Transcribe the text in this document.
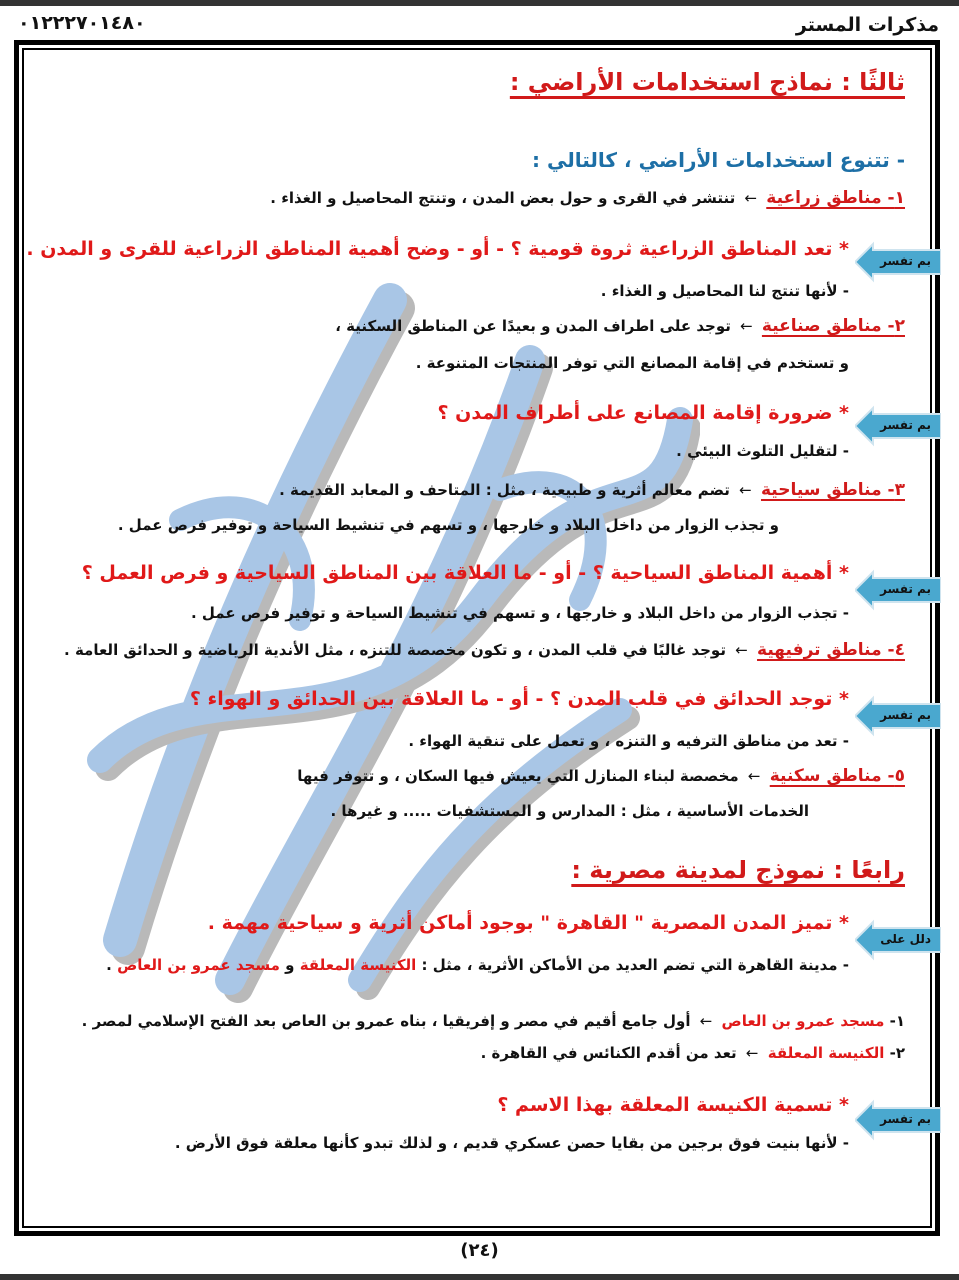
مذكرات المستر
٠١٢٢٢٧٠١٤٨٠
ثالثًا : نماذج استخدامات الأراضي :
- تتنوع استخدامات الأراضي ، كالتالي :
١- مناطق زراعية ← تنتشر في القرى و حول بعض المدن ، وتنتج المحاصيل و الغذاء .
بم تفسر
* تعد المناطق الزراعية ثروة قومية ؟ - أو - وضح أهمية المناطق الزراعية للقرى و المدن .
- لأنها تنتج لنا المحاصيل و الغذاء .
٢- مناطق صناعية ← توجد على اطراف المدن و بعيدًا عن المناطق السكنية ،
و تستخدم في إقامة المصانع التي توفر المنتجات المتنوعة .
بم تفسر
* ضرورة إقامة المصانع على أطراف المدن ؟
- لتقليل التلوث البيئي .
٣- مناطق سياحية ← تضم معالم أثرية و طبيعية ، مثل : المتاحف و المعابد القديمة .
و تجذب الزوار من داخل البلاد و خارجها ، و تسهم في تنشيط السياحة و توفير فرص عمل .
بم تفسر
* أهمية المناطق السياحية ؟ - أو - ما العلاقة بين المناطق السياحية و فرص العمل ؟
- تجذب الزوار من داخل البلاد و خارجها ، و تسهم في تنشيط السياحة و توفير فرص عمل .
٤- مناطق ترفيهية ← توجد غالبًا في قلب المدن ، و تكون مخصصة للتنزه ، مثل الأندية الرياضية و الحدائق العامة .
بم تفسر
* توجد الحدائق في قلب المدن ؟ - أو - ما العلاقة بين الحدائق و الهواء ؟
- تعد من مناطق الترفيه و التنزه ، و تعمل على تنقية الهواء .
٥- مناطق سكنية ← مخصصة لبناء المنازل التي يعيش فيها السكان ، و تتوفر فيها
الخدمات الأساسية ، مثل : المدارس و المستشفيات ..... و غيرها .
رابعًا : نموذج لمدينة مصرية :
دلل على
* تميز المدن المصرية " القاهرة " بوجود أماكن أثرية و سياحية مهمة .
- مدينة القاهرة التي تضم العديد من الأماكن الأثرية ، مثل : الكنيسة المعلقة و مسجد عمرو بن العاص .
١- مسجد عمرو بن العاص ← أول جامع أقيم في مصر و إفريقيا ، بناه عمرو بن العاص بعد الفتح الإسلامي لمصر .
٢- الكنيسة المعلقة ← تعد من أقدم الكنائس في القاهرة .
بم تفسر
* تسمية الكنيسة المعلقة بهذا الاسم ؟
- لأنها بنيت فوق برجين من بقايا حصن عسكري قديم ، و لذلك تبدو كأنها معلقة فوق الأرض .
(٢٤)
